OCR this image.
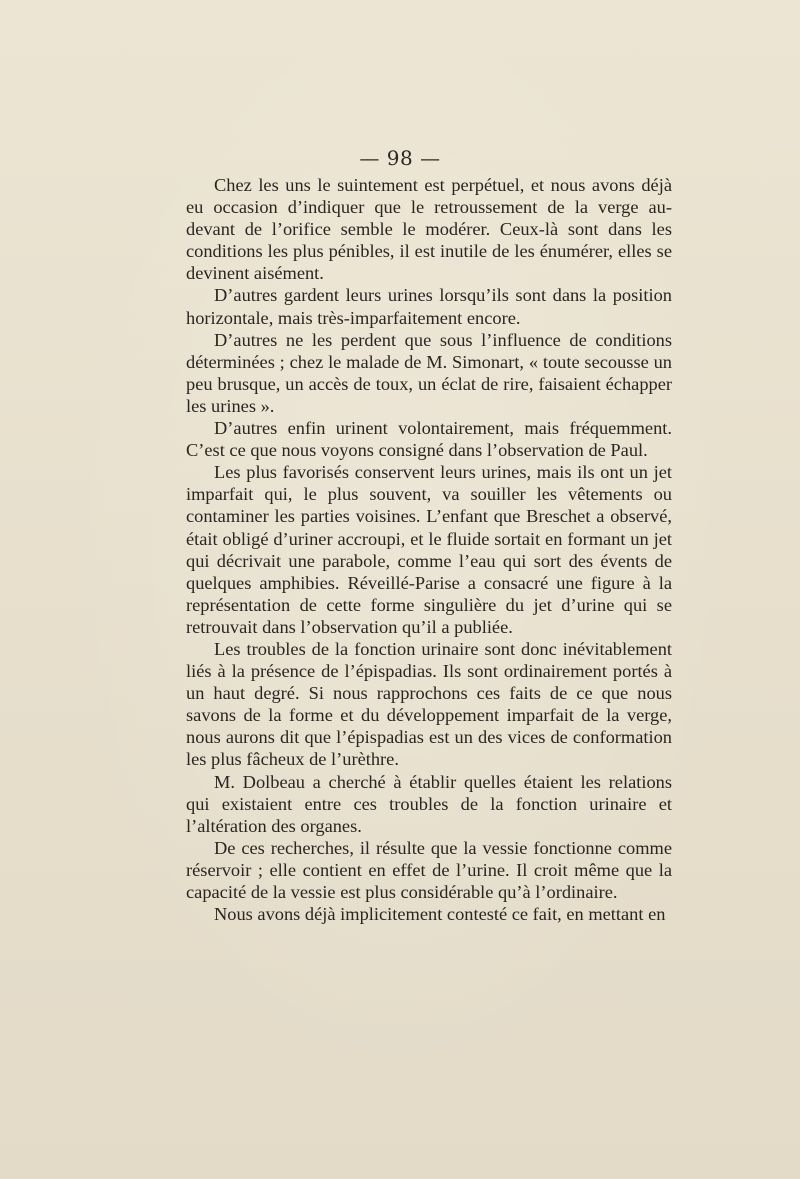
— 98 —

Chez les uns le suintement est perpétuel, et nous avons déjà eu occasion d’indiquer que le retroussement de la verge au-devant de l’orifice semble le modérer. Ceux-là sont dans les conditions les plus pénibles, il est inutile de les énumérer, elles se devinent aisément.

D’autres gardent leurs urines lorsqu’ils sont dans la position horizontale, mais très-imparfaitement encore.

D’autres ne les perdent que sous l’influence de conditions déterminées ; chez le malade de M. Simonart, « toute secousse un peu brusque, un accès de toux, un éclat de rire, faisaient échapper les urines ».

D’autres enfin urinent volontairement, mais fréquemment. C’est ce que nous voyons consigné dans l’observation de Paul.

Les plus favorisés conservent leurs urines, mais ils ont un jet imparfait qui, le plus souvent, va souiller les vêtements ou contaminer les parties voisines. L’enfant que Breschet a observé, était obligé d’uriner accroupi, et le fluide sortait en formant un jet qui décrivait une parabole, comme l’eau qui sort des évents de quelques amphibies. Réveillé-Parise a consacré une figure à la représentation de cette forme singulière du jet d’urine qui se retrouvait dans l’observation qu’il a publiée.

Les troubles de la fonction urinaire sont donc inévitablement liés à la présence de l’épispadias. Ils sont ordinairement portés à un haut degré. Si nous rapprochons ces faits de ce que nous savons de la forme et du développement imparfait de la verge, nous aurons dit que l’épispadias est un des vices de conformation les plus fâcheux de l’urèthre.

M. Dolbeau a cherché à établir quelles étaient les relations qui existaient entre ces troubles de la fonction urinaire et l’altération des organes.

De ces recherches, il résulte que la vessie fonctionne comme réservoir ; elle contient en effet de l’urine. Il croit même que la capacité de la vessie est plus considérable qu’à l’ordinaire.

Nous avons déjà implicitement contesté ce fait, en mettant en
